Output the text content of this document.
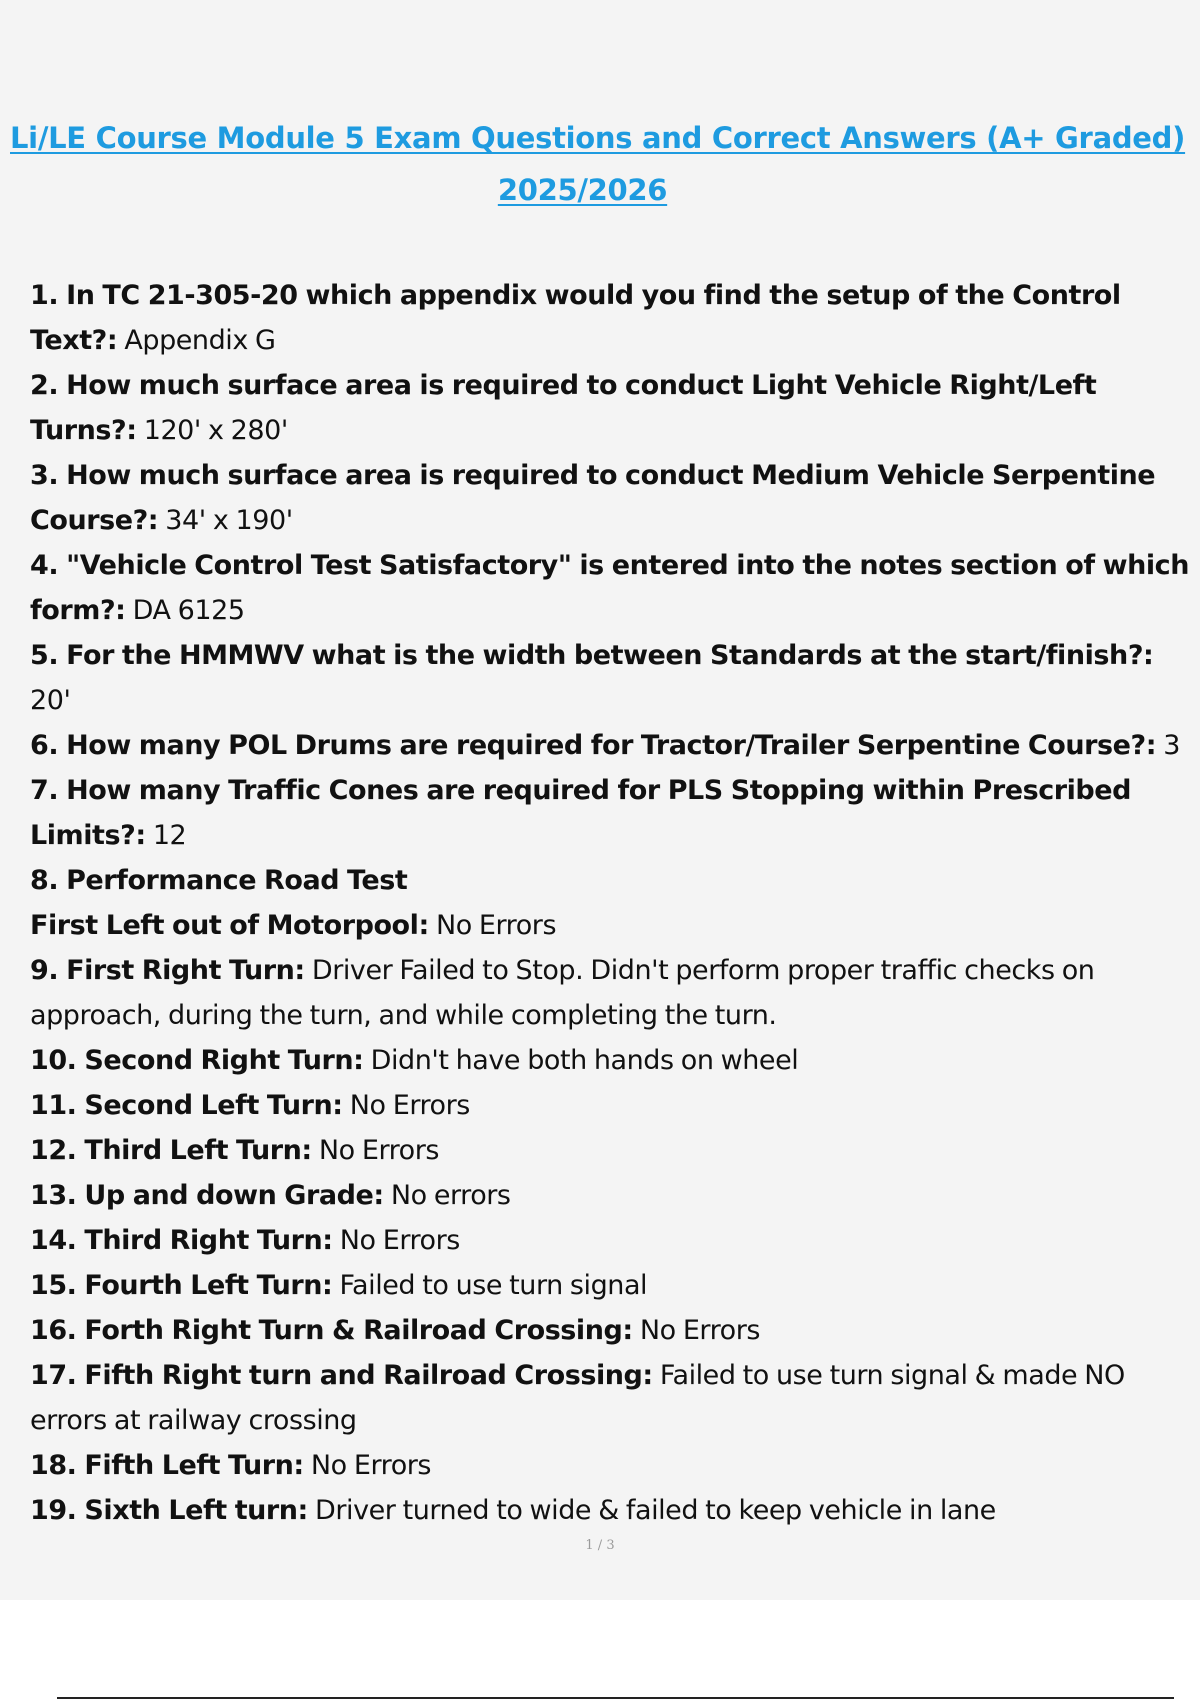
Li/LE Course Module 5 Exam Questions and Correct Answers (A+ Graded)
2025/2026
1. In TC 21-305-20 which appendix would you find the setup of the Control Text?: Appendix G
2. How much surface area is required to conduct Light Vehicle Right/Left Turns?: 120' x 280'
3. How much surface area is required to conduct Medium Vehicle Serpentine Course?: 34' x 190'
4. "Vehicle Control Test Satisfactory" is entered into the notes section of which form?: DA 6125
5. For the HMMWV what is the width between Standards at the start/finish?: 20'
6. How many POL Drums are required for Tractor/Trailer Serpentine Course?: 3
7. How many Traffic Cones are required for PLS Stopping within Prescribed Limits?: 12
8. Performance Road Test
First Left out of Motorpool: No Errors
9. First Right Turn: Driver Failed to Stop. Didn't perform proper traffic checks on approach, during the turn, and while completing the turn.
10. Second Right Turn: Didn't have both hands on wheel
11. Second Left Turn: No Errors
12. Third Left Turn: No Errors
13. Up and down Grade: No errors
14. Third Right Turn: No Errors
15. Fourth Left Turn: Failed to use turn signal
16. Forth Right Turn & Railroad Crossing: No Errors
17. Fifth Right turn and Railroad Crossing: Failed to use turn signal & made NO errors at railway crossing
18. Fifth Left Turn: No Errors
19. Sixth Left turn: Driver turned to wide & failed to keep vehicle in lane
1 / 3
